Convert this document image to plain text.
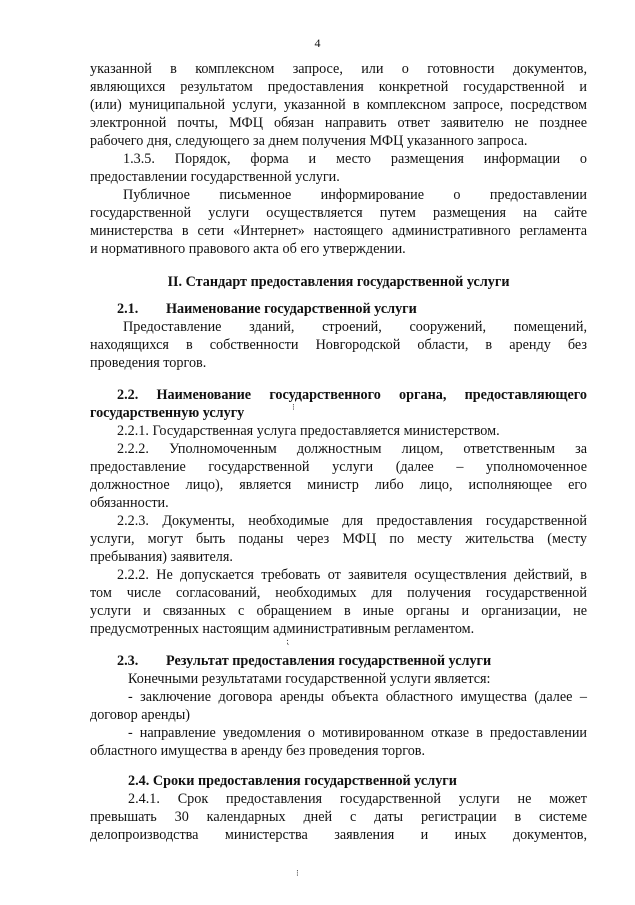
4
указанной в комплексном запросе, или о готовности документов,
являющихся результатом предоставления конкретной государственной и
(или) муниципальной услуги, указанной в комплексном запросе, посредством
электронной почты, МФЦ обязан направить ответ заявителю не позднее
рабочего дня, следующего за днем получения МФЦ указанного запроса.
1.3.5. Порядок, форма и место размещения информации о
предоставлении государственной услуги.
Публичное письменное информирование о предоставлении
государственной услуги осуществляется путем размещения на сайте
министерства в сети «Интернет» настоящего административного регламента
и нормативного правового акта об его утверждении.
II. Стандарт предоставления государственной услуги
2.1.	Наименование государственной услуги
Предоставление зданий, строений, сооружений, помещений,
находящихся в собственности Новгородской области, в аренду без
проведения торгов.
2.2. Наименование государственного органа, предоставляющего
государственную услугу	⁝
2.2.1. Государственная услуга предоставляется министерством.
2.2.2. Уполномоченным должностным лицом, ответственным за
предоставление государственной услуги (далее – уполномоченное
должностное лицо), является министр либо лицо, исполняющее его
обязанности.
2.2.3. Документы, необходимые для предоставления государственной
услуги, могут быть поданы через МФЦ по месту жительства (месту
пребывания) заявителя.
2.2.2. Не допускается требовать от заявителя осуществления действий, в
том числе согласований, необходимых для получения государственной
услуги и связанных с обращением в иные органы и организации, не
предусмотренных настоящим административным регламентом.
⁏
2.3.	Результат предоставления государственной услуги
Конечными результатами государственной услуги является:
- заключение договора аренды объекта областного имущества (далее –
договор аренды)
- направление уведомления о мотивированном отказе в предоставлении
областного имущества в аренду без проведения торгов.
2.4. Сроки предоставления государственной услуги
2.4.1. Срок предоставления государственной услуги не может
превышать 30 календарных дней с даты регистрации в системе
делопроизводства министерства заявления и иных документов,
⁝
